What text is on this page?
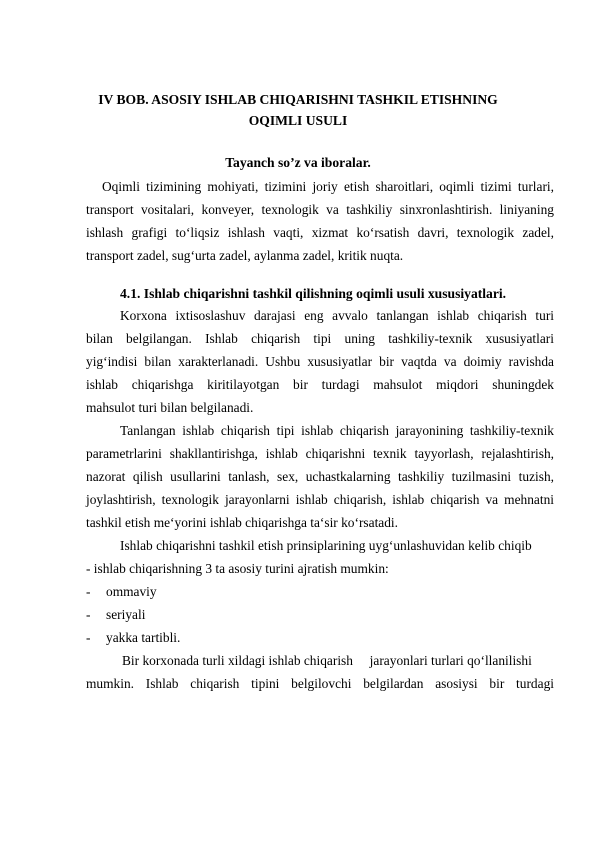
IV BOB. ASOSIY ISHLAB CHIQARISHNI TASHKIL ETISHNING
OQIMLI USULI
Tayanch so’z va iboralar.
Oqimli tizimining mohiyati, tizimini joriy etish sharoitlari, oqimli tizimi turlari,
transport vositalari, konveyer, texnologik va tashkiliy sinxronlashtirish. liniyaning
ishlash grafigi to‘liqsiz ishlash vaqti, xizmat ko‘rsatish davri, texnologik zadel,
transport zadel, sug‘urta zadel, aylanma zadel, kritik nuqta.
4.1. Ishlab chiqarishni tashkil qilishning oqimli usuli xususiyatlari.
Korxona ixtisoslashuv darajasi eng avvalo tanlangan ishlab chiqarish turi
bilan belgilangan. Ishlab chiqarish tipi uning tashkiliy-texnik xususiyatlari
yig‘indisi bilan xarakterlanadi. Ushbu xususiyatlar bir vaqtda va doimiy ravishda
ishlab chiqarishga kiritilayotgan bir turdagi mahsulot miqdori shuningdek
mahsulot turi bilan belgilanadi.
Tanlangan ishlab chiqarish tipi ishlab chiqarish jarayonining tashkiliy-texnik
parametrlarini shakllantirishga, ishlab chiqarishni texnik tayyorlash, rejalashtirish,
nazorat qilish usullarini tanlash, sex, uchastkalarning tashkiliy tuzilmasini tuzish,
joylashtirish, texnologik jarayonlarni ishlab chiqarish, ishlab chiqarish va mehnatni
tashkil etish me‘yorini ishlab chiqarishga ta‘sir ko‘rsatadi.
Ishlab chiqarishni tashkil etish prinsiplarining uyg‘unlashuvidan kelib chiqib
- ishlab chiqarishning 3 ta asosiy turini ajratish mumkin:
- ommaviy
- seriyali
- yakka tartibli.
Bir korxonada turli xildagi ishlab chiqarish     jarayonlari turlari qo‘llanilishi
mumkin. Ishlab chiqarish tipini belgilovchi belgilardan asosiysi bir turdagi
